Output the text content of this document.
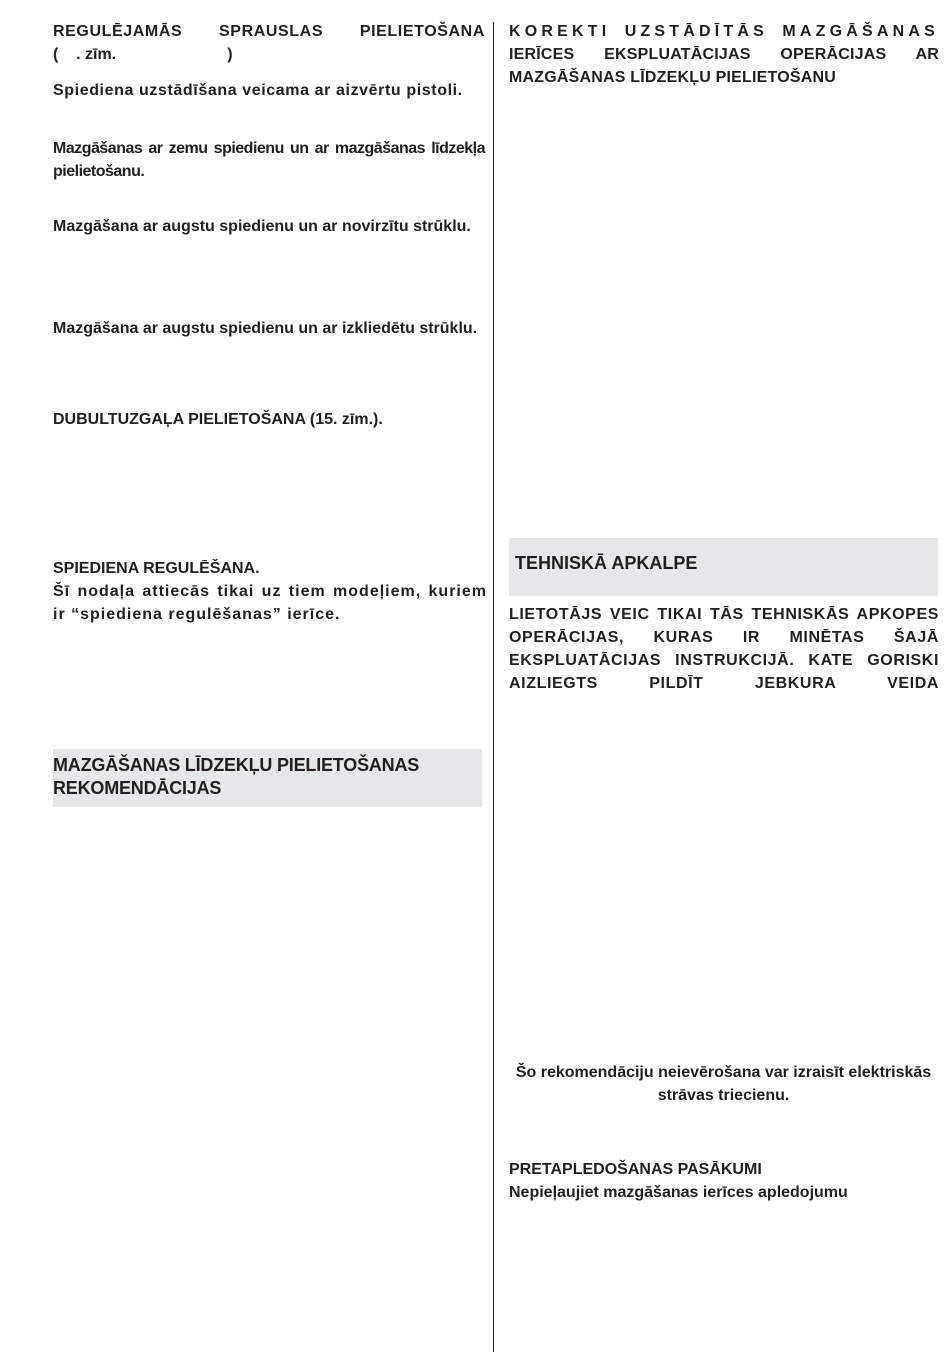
REGULĒJAMĀS SPRAUSLAS PIELIETOŠANA

(    . zīm.                         )

Spiediena uzstādīšana veicama ar aizvērtu pistoli.

Mazgāšanas ar zemu spiedienu un ar mazgāšanas līdzekļa pielietošanu.

Mazgāšana ar augstu spiedienu un ar novirzītu strūklu.

Mazgāšana ar augstu spiedienu un ar izkliedētu strūklu.

DUBULTUZGAĻA PIELIETOŠANA (15. zīm.).

SPIEDIENA REGULĒŠANA.

Šī nodaļa attiecās tikai uz tiem modeļiem, kuriem ir “spiediena regulēšanas” ierīce.

MAZGĀŠANAS LĪDZEKĻU PIELIETOŠANAS REKOMENDĀCIJAS

KOREKTI UZSTĀDĪTĀS MAZGĀŠANAS

IERĪCES EKSPLUATĀCIJAS OPERĀCIJAS AR MAZGĀŠANAS LĪDZEKĻU PIELIETOŠANU

TEHNISKĀ APKALPE

LIETOTĀJS VEIC TIKAI TĀS TEHNISKĀS APKOPES OPERĀCIJAS, KURAS IR MINĒTAS ŠAJĀ EKSPLUATĀCIJAS INSTRUKCIJĀ. KATE GORISKI AIZLIEGTS PILDĪT JEBKURA VEIDA

Šo rekomendāciju neievērošana var izraisīt elektriskās strāvas triecienu.

PRETAPLEDOŠANAS PASĀKUMI

Nepieļaujiet mazgāšanas ierīces apledojumu
